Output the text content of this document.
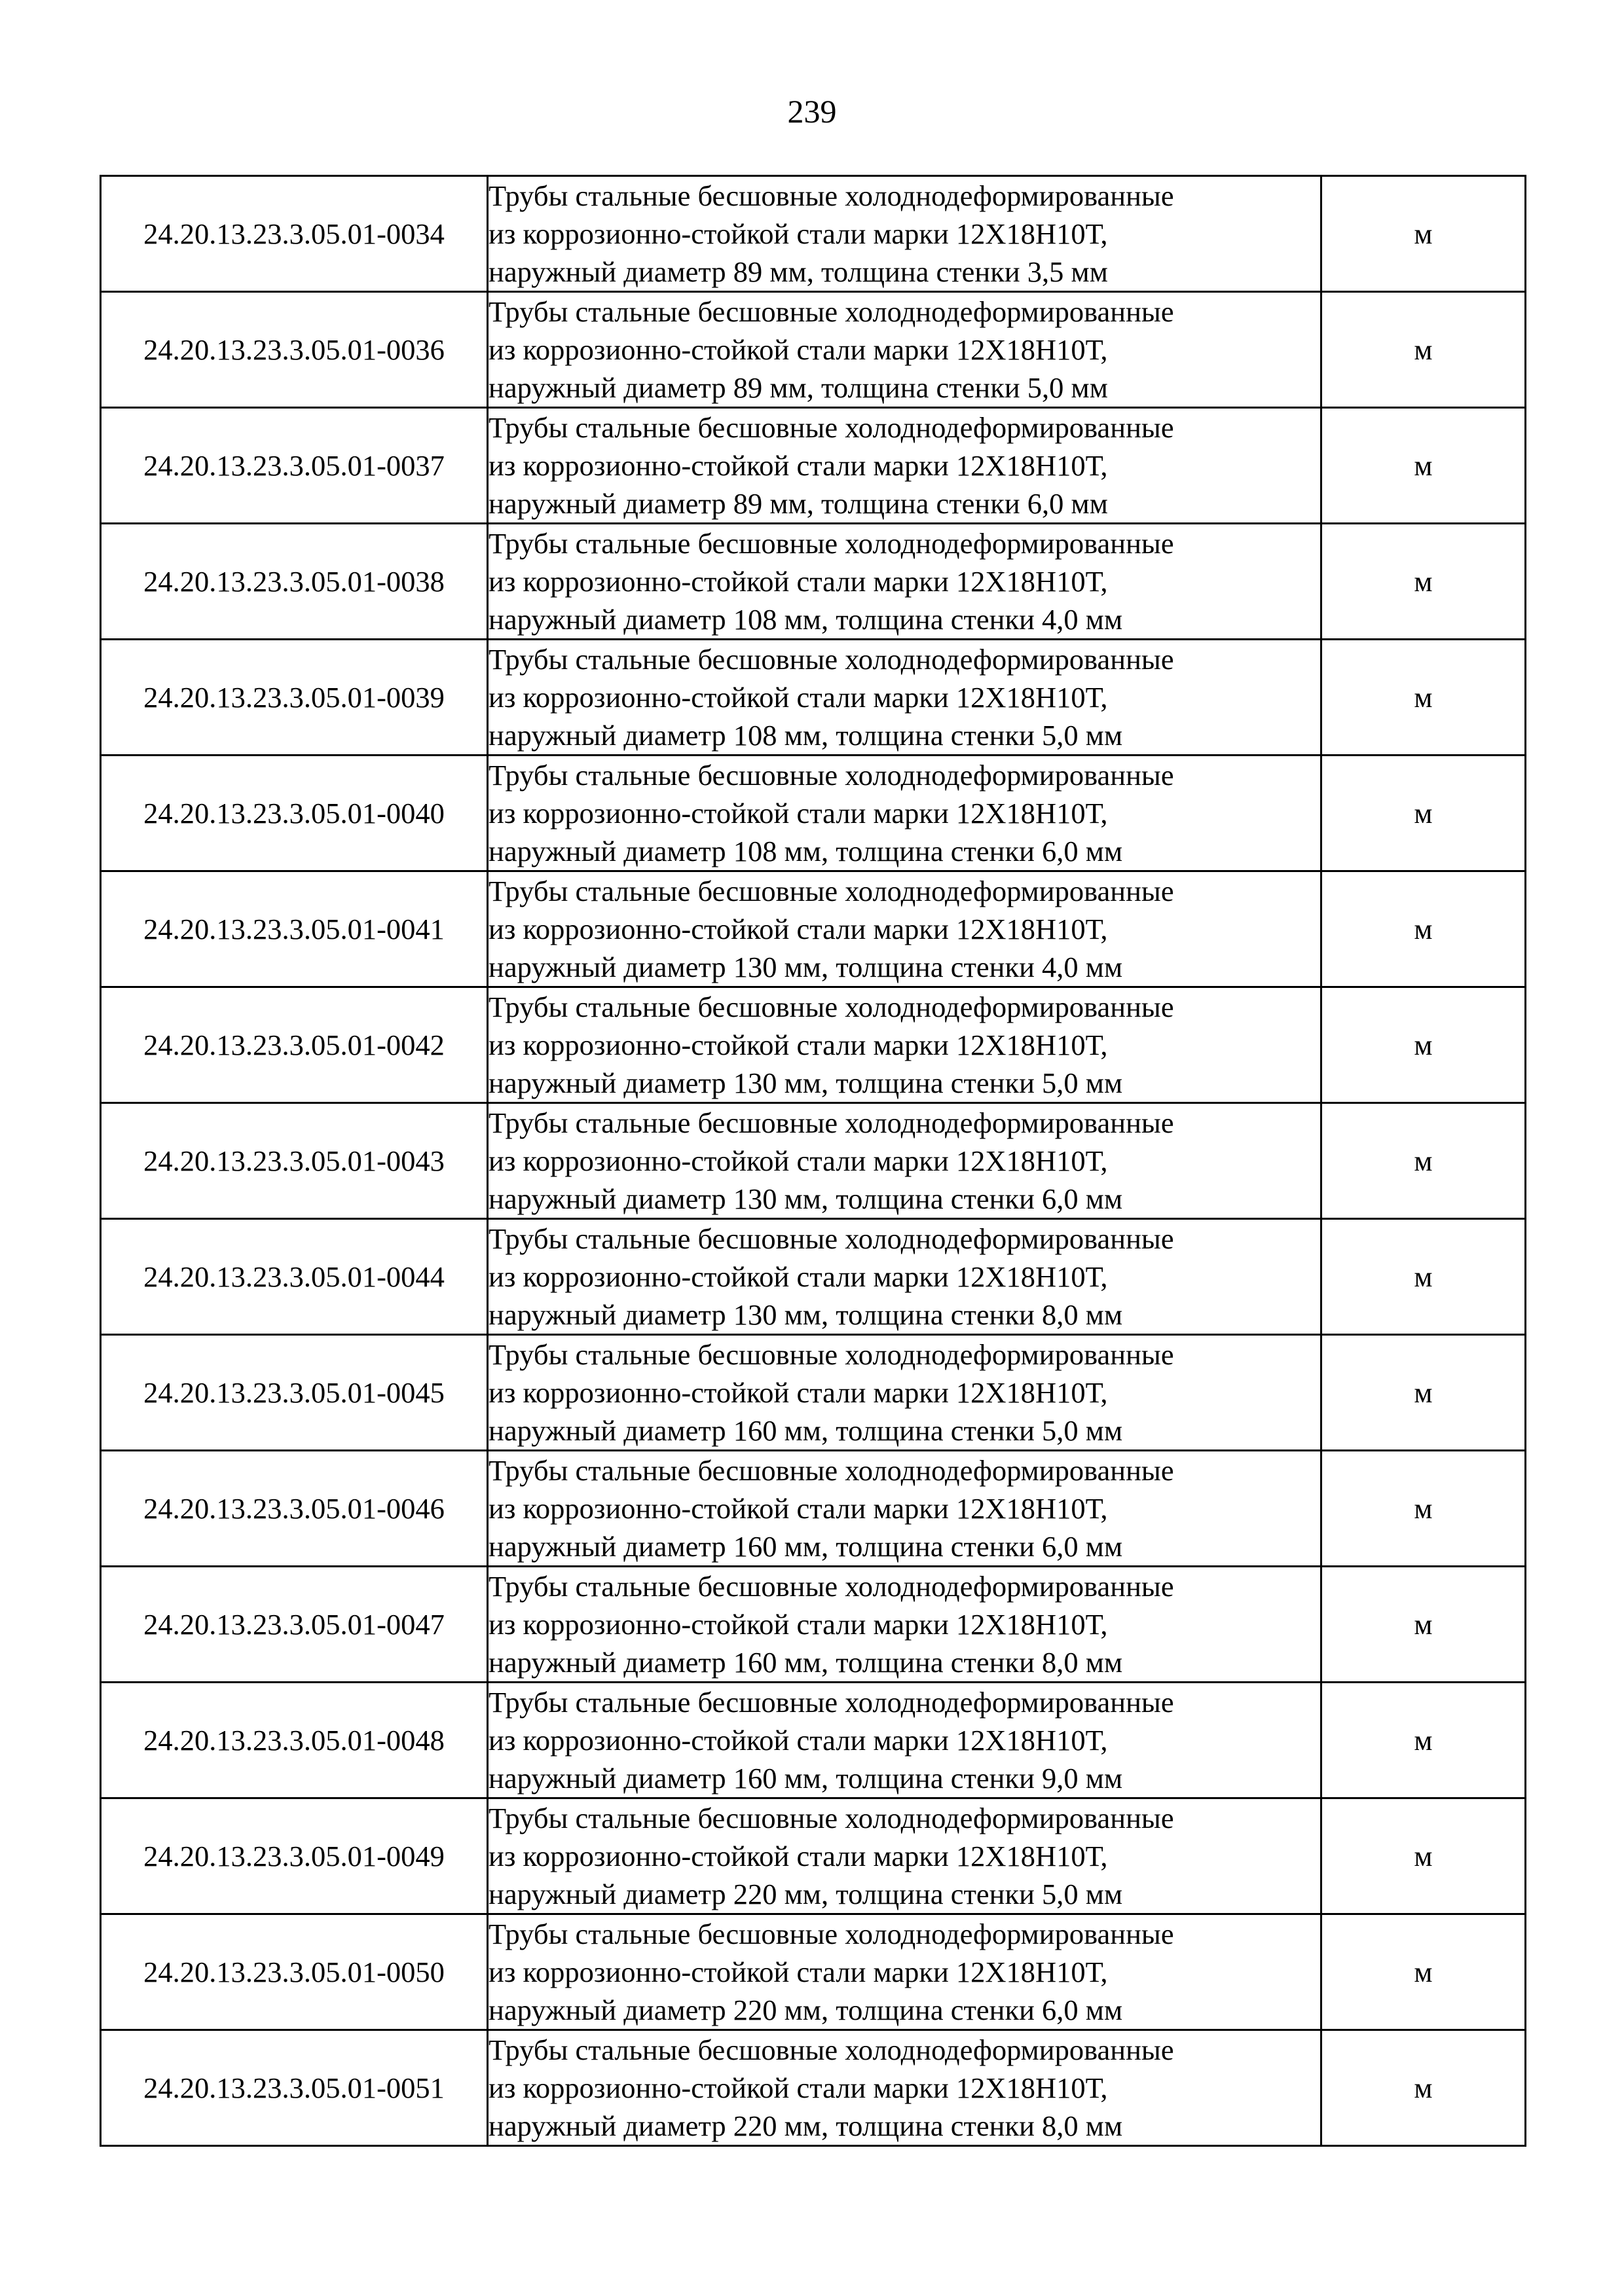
239
24.20.13.23.3.05.01-0034	Трубы стальные бесшовные холоднодеформированные
из коррозионно-стойкой стали марки 12Х18Н10Т,
наружный диаметр 89 мм, толщина стенки 3,5 мм	м
24.20.13.23.3.05.01-0036	Трубы стальные бесшовные холоднодеформированные
из коррозионно-стойкой стали марки 12Х18Н10Т,
наружный диаметр 89 мм, толщина стенки 5,0 мм	м
24.20.13.23.3.05.01-0037	Трубы стальные бесшовные холоднодеформированные
из коррозионно-стойкой стали марки 12Х18Н10Т,
наружный диаметр 89 мм, толщина стенки 6,0 мм	м
24.20.13.23.3.05.01-0038	Трубы стальные бесшовные холоднодеформированные
из коррозионно-стойкой стали марки 12Х18Н10Т,
наружный диаметр 108 мм, толщина стенки 4,0 мм	м
24.20.13.23.3.05.01-0039	Трубы стальные бесшовные холоднодеформированные
из коррозионно-стойкой стали марки 12Х18Н10Т,
наружный диаметр 108 мм, толщина стенки 5,0 мм	м
24.20.13.23.3.05.01-0040	Трубы стальные бесшовные холоднодеформированные
из коррозионно-стойкой стали марки 12Х18Н10Т,
наружный диаметр 108 мм, толщина стенки 6,0 мм	м
24.20.13.23.3.05.01-0041	Трубы стальные бесшовные холоднодеформированные
из коррозионно-стойкой стали марки 12Х18Н10Т,
наружный диаметр 130 мм, толщина стенки 4,0 мм	м
24.20.13.23.3.05.01-0042	Трубы стальные бесшовные холоднодеформированные
из коррозионно-стойкой стали марки 12Х18Н10Т,
наружный диаметр 130 мм, толщина стенки 5,0 мм	м
24.20.13.23.3.05.01-0043	Трубы стальные бесшовные холоднодеформированные
из коррозионно-стойкой стали марки 12Х18Н10Т,
наружный диаметр 130 мм, толщина стенки 6,0 мм	м
24.20.13.23.3.05.01-0044	Трубы стальные бесшовные холоднодеформированные
из коррозионно-стойкой стали марки 12Х18Н10Т,
наружный диаметр 130 мм, толщина стенки 8,0 мм	м
24.20.13.23.3.05.01-0045	Трубы стальные бесшовные холоднодеформированные
из коррозионно-стойкой стали марки 12Х18Н10Т,
наружный диаметр 160 мм, толщина стенки 5,0 мм	м
24.20.13.23.3.05.01-0046	Трубы стальные бесшовные холоднодеформированные
из коррозионно-стойкой стали марки 12Х18Н10Т,
наружный диаметр 160 мм, толщина стенки 6,0 мм	м
24.20.13.23.3.05.01-0047	Трубы стальные бесшовные холоднодеформированные
из коррозионно-стойкой стали марки 12Х18Н10Т,
наружный диаметр 160 мм, толщина стенки 8,0 мм	м
24.20.13.23.3.05.01-0048	Трубы стальные бесшовные холоднодеформированные
из коррозионно-стойкой стали марки 12Х18Н10Т,
наружный диаметр 160 мм, толщина стенки 9,0 мм	м
24.20.13.23.3.05.01-0049	Трубы стальные бесшовные холоднодеформированные
из коррозионно-стойкой стали марки 12Х18Н10Т,
наружный диаметр 220 мм, толщина стенки 5,0 мм	м
24.20.13.23.3.05.01-0050	Трубы стальные бесшовные холоднодеформированные
из коррозионно-стойкой стали марки 12Х18Н10Т,
наружный диаметр 220 мм, толщина стенки 6,0 мм	м
24.20.13.23.3.05.01-0051	Трубы стальные бесшовные холоднодеформированные
из коррозионно-стойкой стали марки 12Х18Н10Т,
наружный диаметр 220 мм, толщина стенки 8,0 мм	м
